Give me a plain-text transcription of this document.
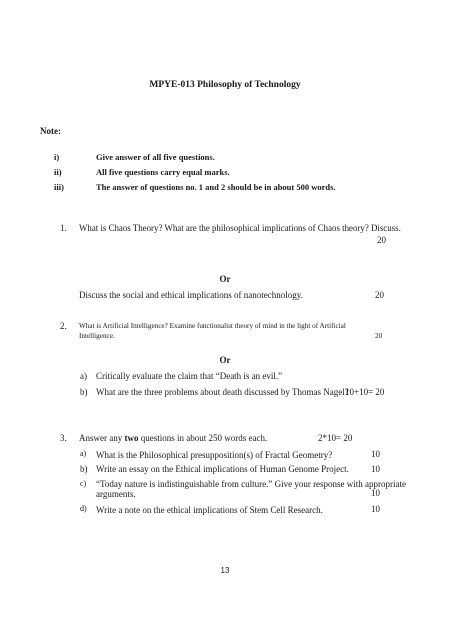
MPYE-013 Philosophy of Technology
Note:
i)	Give answer of all five questions.
ii)	All five questions carry equal marks.
iii)	The answer of questions no. 1 and 2 should be in about 500 words.
1. What is Chaos Theory? What are the philosophical implications of Chaos theory? Discuss.
20
Or
Discuss the social and ethical implications of nanotechnology.	20
2. What is Artificial Intelligence? Examine functionalist theory of mind in the light of Artificial
Intelligence.	20
Or
a) Critically evaluate the claim that “Death is an evil.”
b) What are the three problems about death discussed by Thomas Nagel?
10+10= 20
3. Answer any two questions in about 250 words each.	2*10= 20
a) What is the Philosophical presupposition(s) of Fractal Geometry?	10
b) Write an essay on the Ethical implications of Human Genome Project. 10
c) “Today nature is indistinguishable from culture.” Give your response with appropriate
arguments.	10
d) Write a note on the ethical implications of Stem Cell Research.	10
13
